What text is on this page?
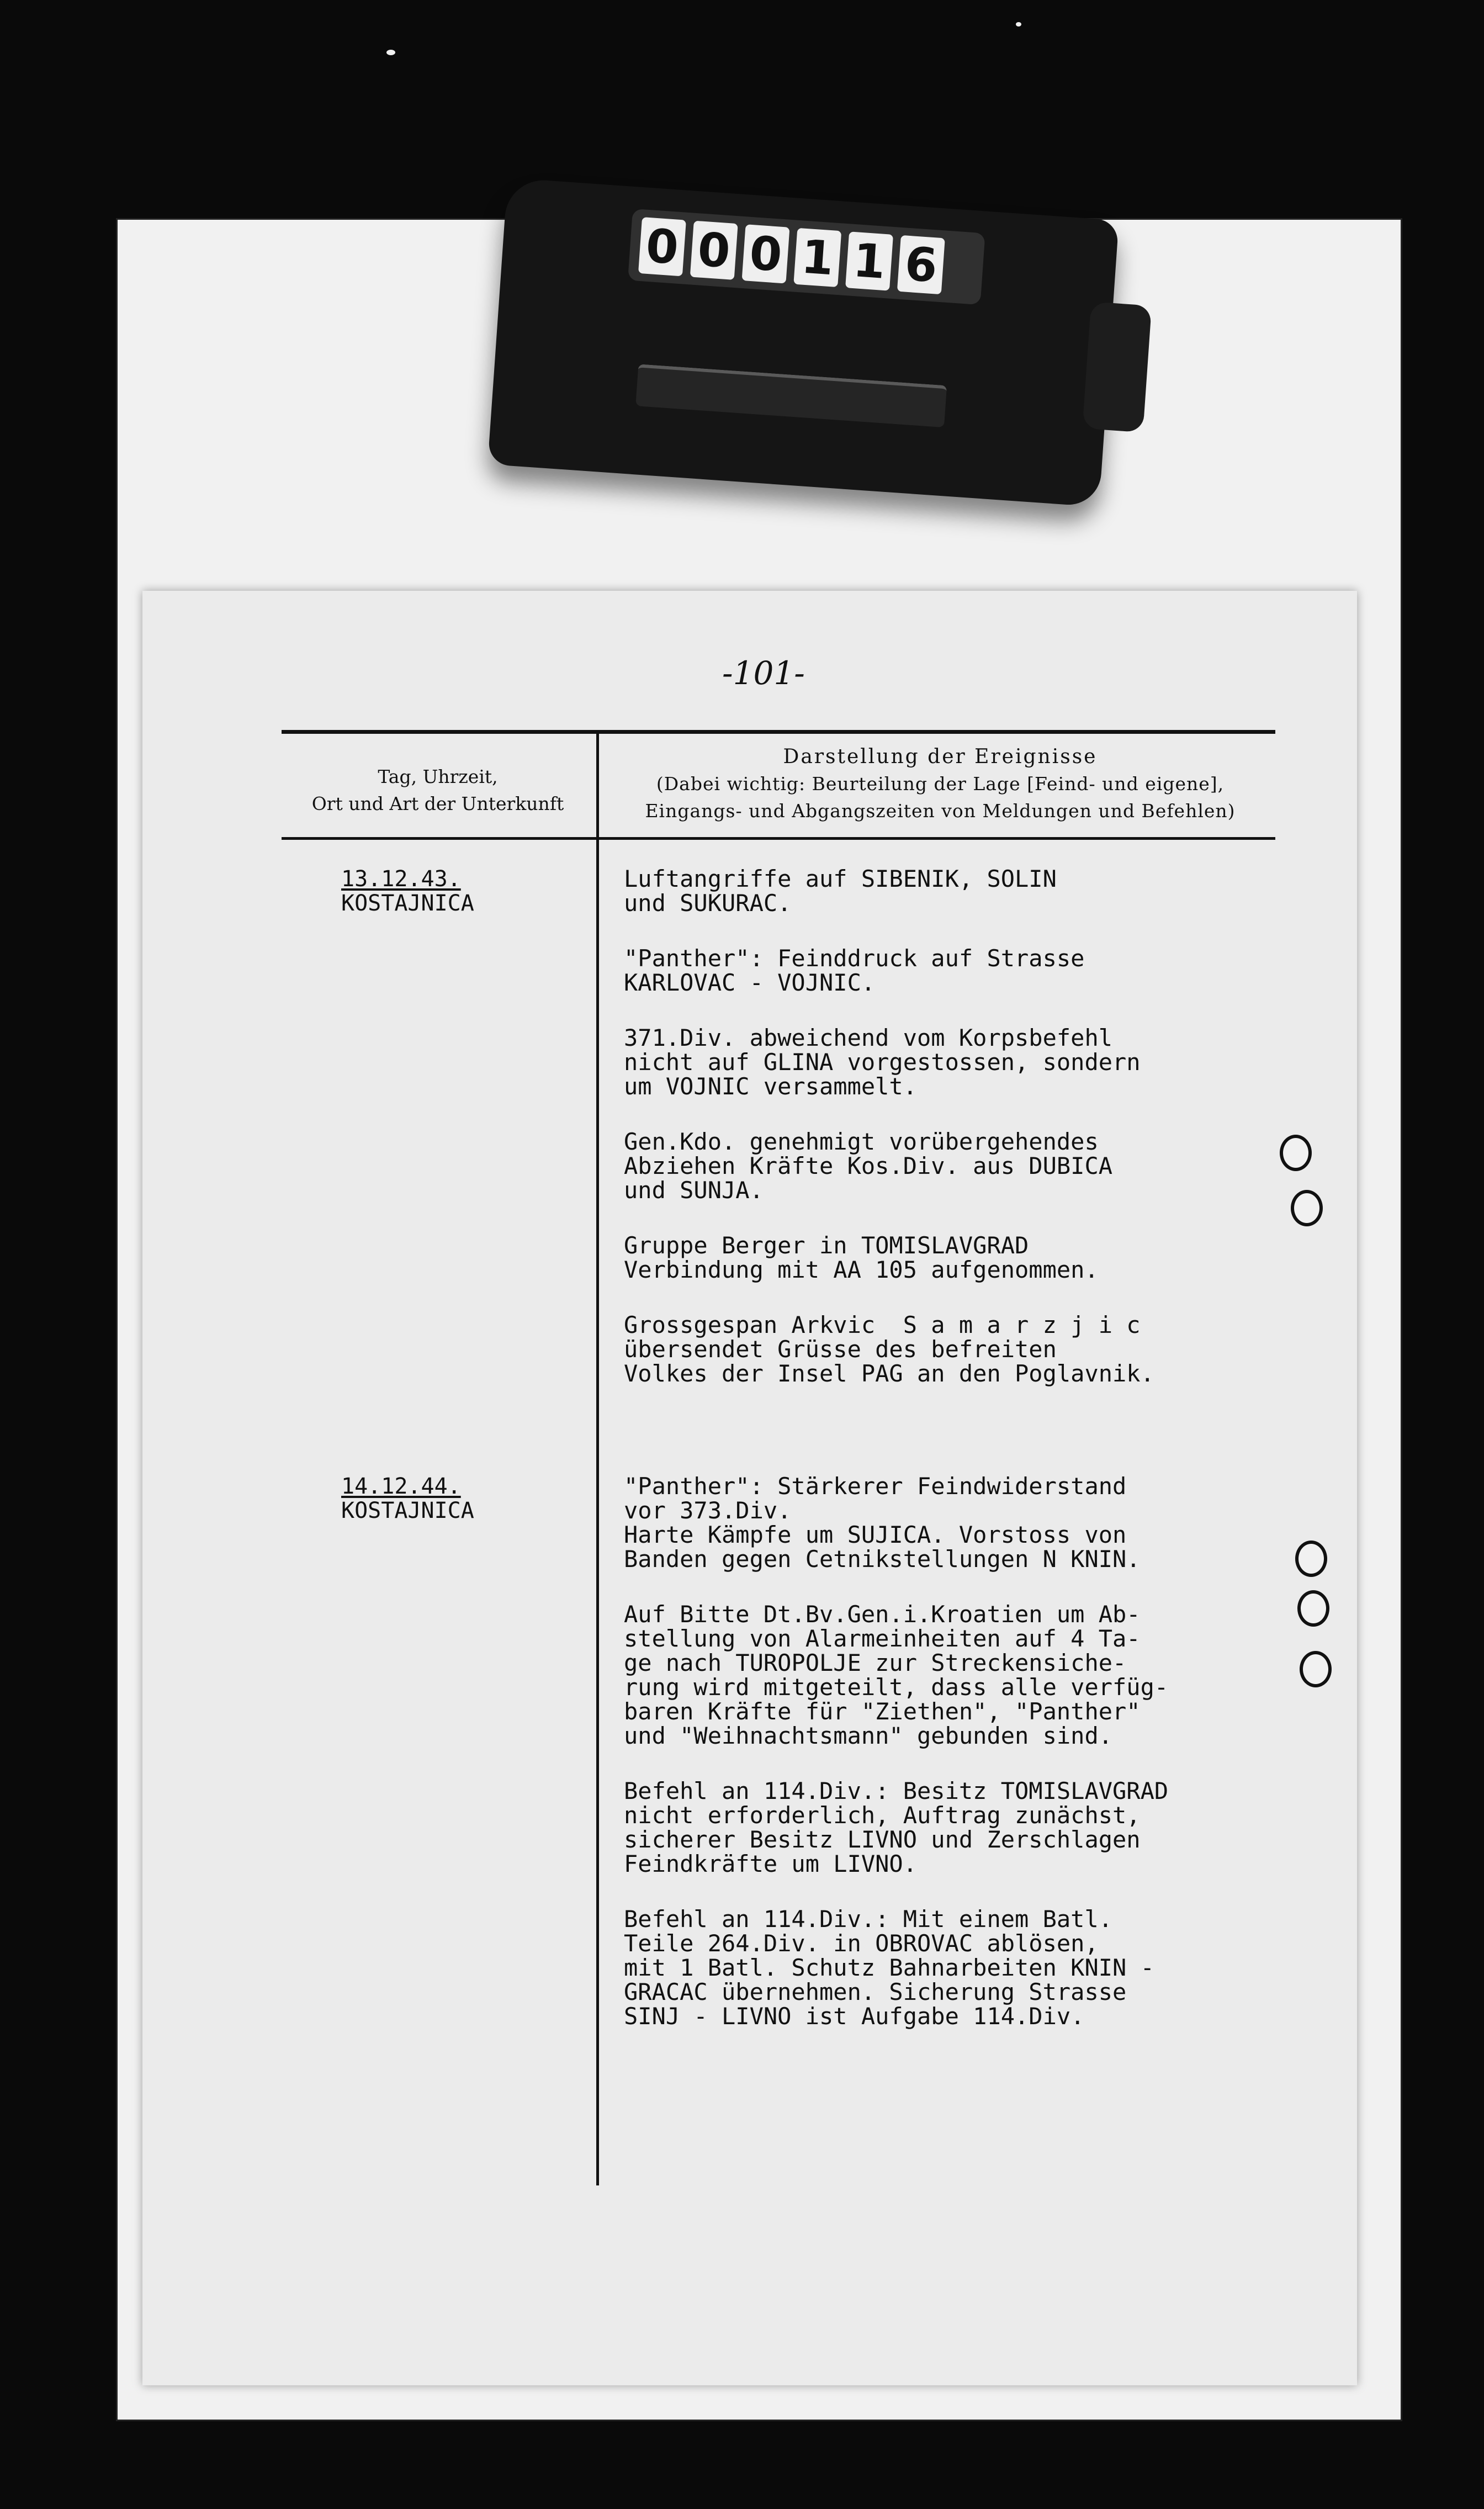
-101-
Tag, Uhrzeit,
Ort und Art der Unterkunft
Darstellung der Ereignisse
(Dabei wichtig: Beurteilung der Lage [Feind- und eigene],
Eingangs- und Abgangszeiten von Meldungen und Befehlen)
13.12.43.
KOSTAJNICA
Luftangriffe auf SIBENIK, SOLIN
und SUKURAC.
"Panther": Feinddruck auf Strasse
KARLOVAC - VOJNIC.
371.Div. abweichend vom Korpsbefehl
nicht auf GLINA vorgestossen, sondern
um VOJNIC versammelt.
Gen.Kdo. genehmigt vorübergehendes
Abziehen Kräfte Kos.Div. aus DUBICA
und SUNJA.
Gruppe Berger in TOMISLAVGRAD
Verbindung mit AA 105 aufgenommen.
Grossgespan Arkvic  S a m a r z j i c
übersendet Grüsse des befreiten
Volkes der Insel PAG an den Poglavnik.
14.12.44.
KOSTAJNICA
"Panther": Stärkerer Feindwiderstand
vor 373.Div.
Harte Kämpfe um SUJICA. Vorstoss von
Banden gegen Cetnikstellungen N KNIN.
Auf Bitte Dt.Bv.Gen.i.Kroatien um Ab-
stellung von Alarmeinheiten auf 4 Ta-
ge nach TUROPOLJE zur Streckensiche-
rung wird mitgeteilt, dass alle verfüg-
baren Kräfte für "Ziethen", "Panther"
und "Weihnachtsmann" gebunden sind.
Befehl an 114.Div.: Besitz TOMISLAVGRAD
nicht erforderlich, Auftrag zunächst,
sicherer Besitz LIVNO und Zerschlagen
Feindkräfte um LIVNO.
Befehl an 114.Div.: Mit einem Batl.
Teile 264.Div. in OBROVAC ablösen,
mit 1 Batl. Schutz Bahnarbeiten KNIN -
GRACAC übernehmen. Sicherung Strasse
SINJ - LIVNO ist Aufgabe 114.Div.
0 0 0 1 1 6
